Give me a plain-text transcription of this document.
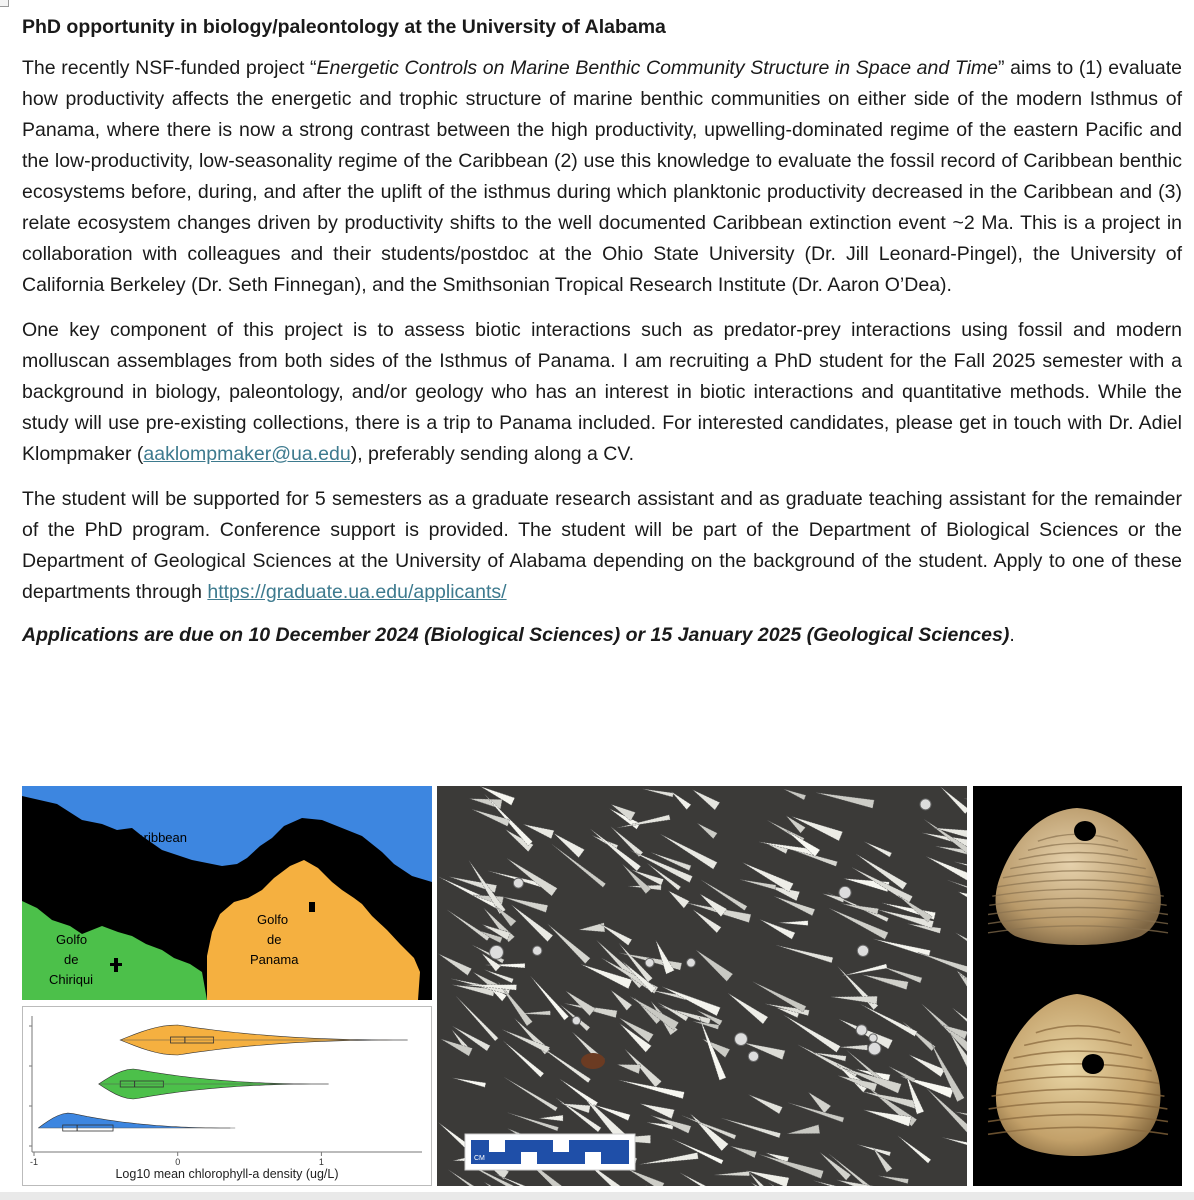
PhD opportunity in biology/paleontology at the University of Alabama

The recently NSF-funded project “Energetic Controls on Marine Benthic Community Structure in Space and Time” aims to (1) evaluate how productivity affects the energetic and trophic structure of marine benthic communities on either side of the modern Isthmus of Panama, where there is now a strong contrast between the high productivity, upwelling-dominated regime of the eastern Pacific and the low-productivity, low-seasonality regime of the Caribbean (2) use this knowledge to evaluate the fossil record of Caribbean benthic ecosystems before, during, and after the uplift of the isthmus during which planktonic productivity decreased in the Caribbean and (3) relate ecosystem changes driven by productivity shifts to the well documented Caribbean extinction event ~2 Ma. This is a project in collaboration with colleagues and their students/postdoc at the Ohio State University (Dr. Jill Leonard-Pingel), the University of California Berkeley (Dr. Seth Finnegan), and the Smithsonian Tropical Research Institute (Dr. Aaron O’Dea).

One key component of this project is to assess biotic interactions such as predator-prey interactions using fossil and modern molluscan assemblages from both sides of the Isthmus of Panama. I am recruiting a PhD student for the Fall 2025 semester with a background in biology, paleontology, and/or geology who has an interest in biotic interactions and quantitative methods. While the study will use pre-existing collections, there is a trip to Panama included. For interested candidates, please get in touch with Dr. Adiel Klompmaker (aaklompmaker@ua.edu), preferably sending along a CV.

The student will be supported for 5 semesters as a graduate research assistant and as graduate teaching assistant for the remainder of the PhD program. Conference support is provided. The student will be part of the Department of Biological Sciences or the Department of Geological Sciences at the University of Alabama depending on the background of the student. Apply to one of these departments through https://graduate.ua.edu/applicants/

Applications are due on 10 December 2024 (Biological Sciences) or 15 January 2025 (Geological Sciences).

Caribbean
Golfo
de
Panama
Golfo
de
Chiriqui
-1	0	1
Log10 mean chlorophyll-a density (ug/L)
CM
